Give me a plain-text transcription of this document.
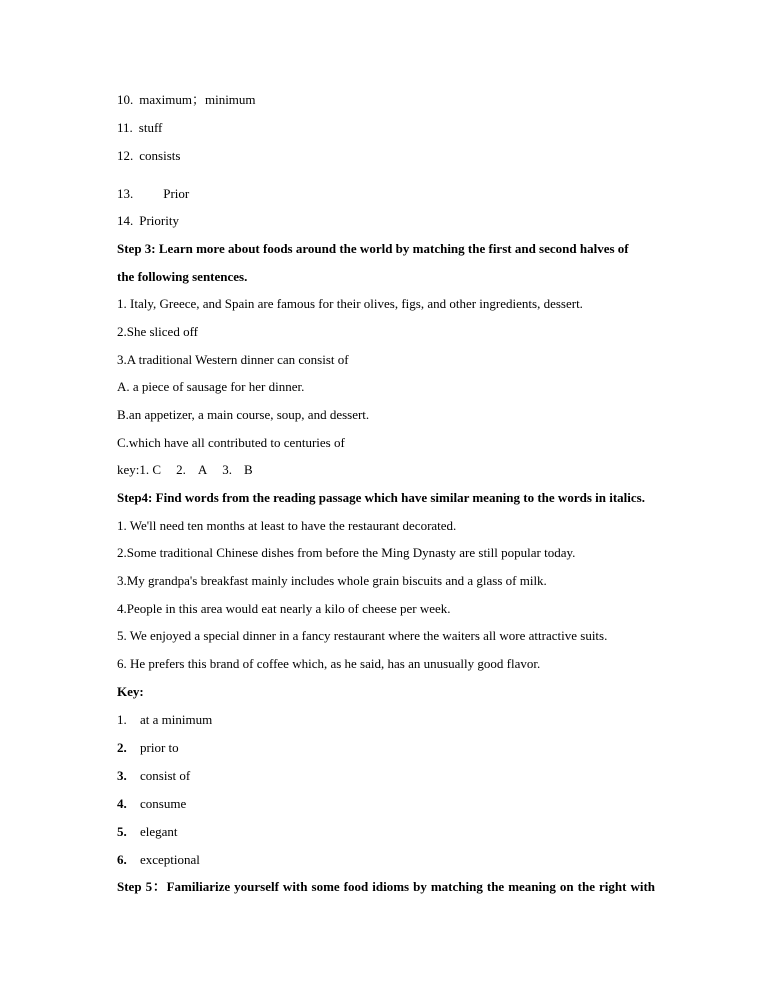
10. maximum；minimum
11. stuff
12. consists
13. Prior
14. Priority
Step 3: Learn more about foods around the world by matching the first and second halves of
the following sentences.
1. Italy, Greece, and Spain are famous for their olives, figs, and other ingredients, dessert.
2.She sliced off
3.A traditional Western dinner can consist of
A. a piece of sausage for her dinner.
B.an appetizer, a main course, soup, and dessert.
C.which have all contributed to centuries of
key:1. C 2. A 3. B
Step4: Find words from the reading passage which have similar meaning to the words in italics.
1. We'll need ten months at least to have the restaurant decorated.
2.Some traditional Chinese dishes from before the Ming Dynasty are still popular today.
3.My grandpa's breakfast mainly includes whole grain biscuits and a glass of milk.
4.People in this area would eat nearly a kilo of cheese per week.
5. We enjoyed a special dinner in a fancy restaurant where the waiters all wore attractive suits.
6. He prefers this brand of coffee which, as he said, has an unusually good flavor.
Key:
1. at a minimum
2. prior to
3. consist of
4. consume
5. elegant
6. exceptional
Step 5：Familiarize yourself with some food idioms by matching the meaning on the right with
